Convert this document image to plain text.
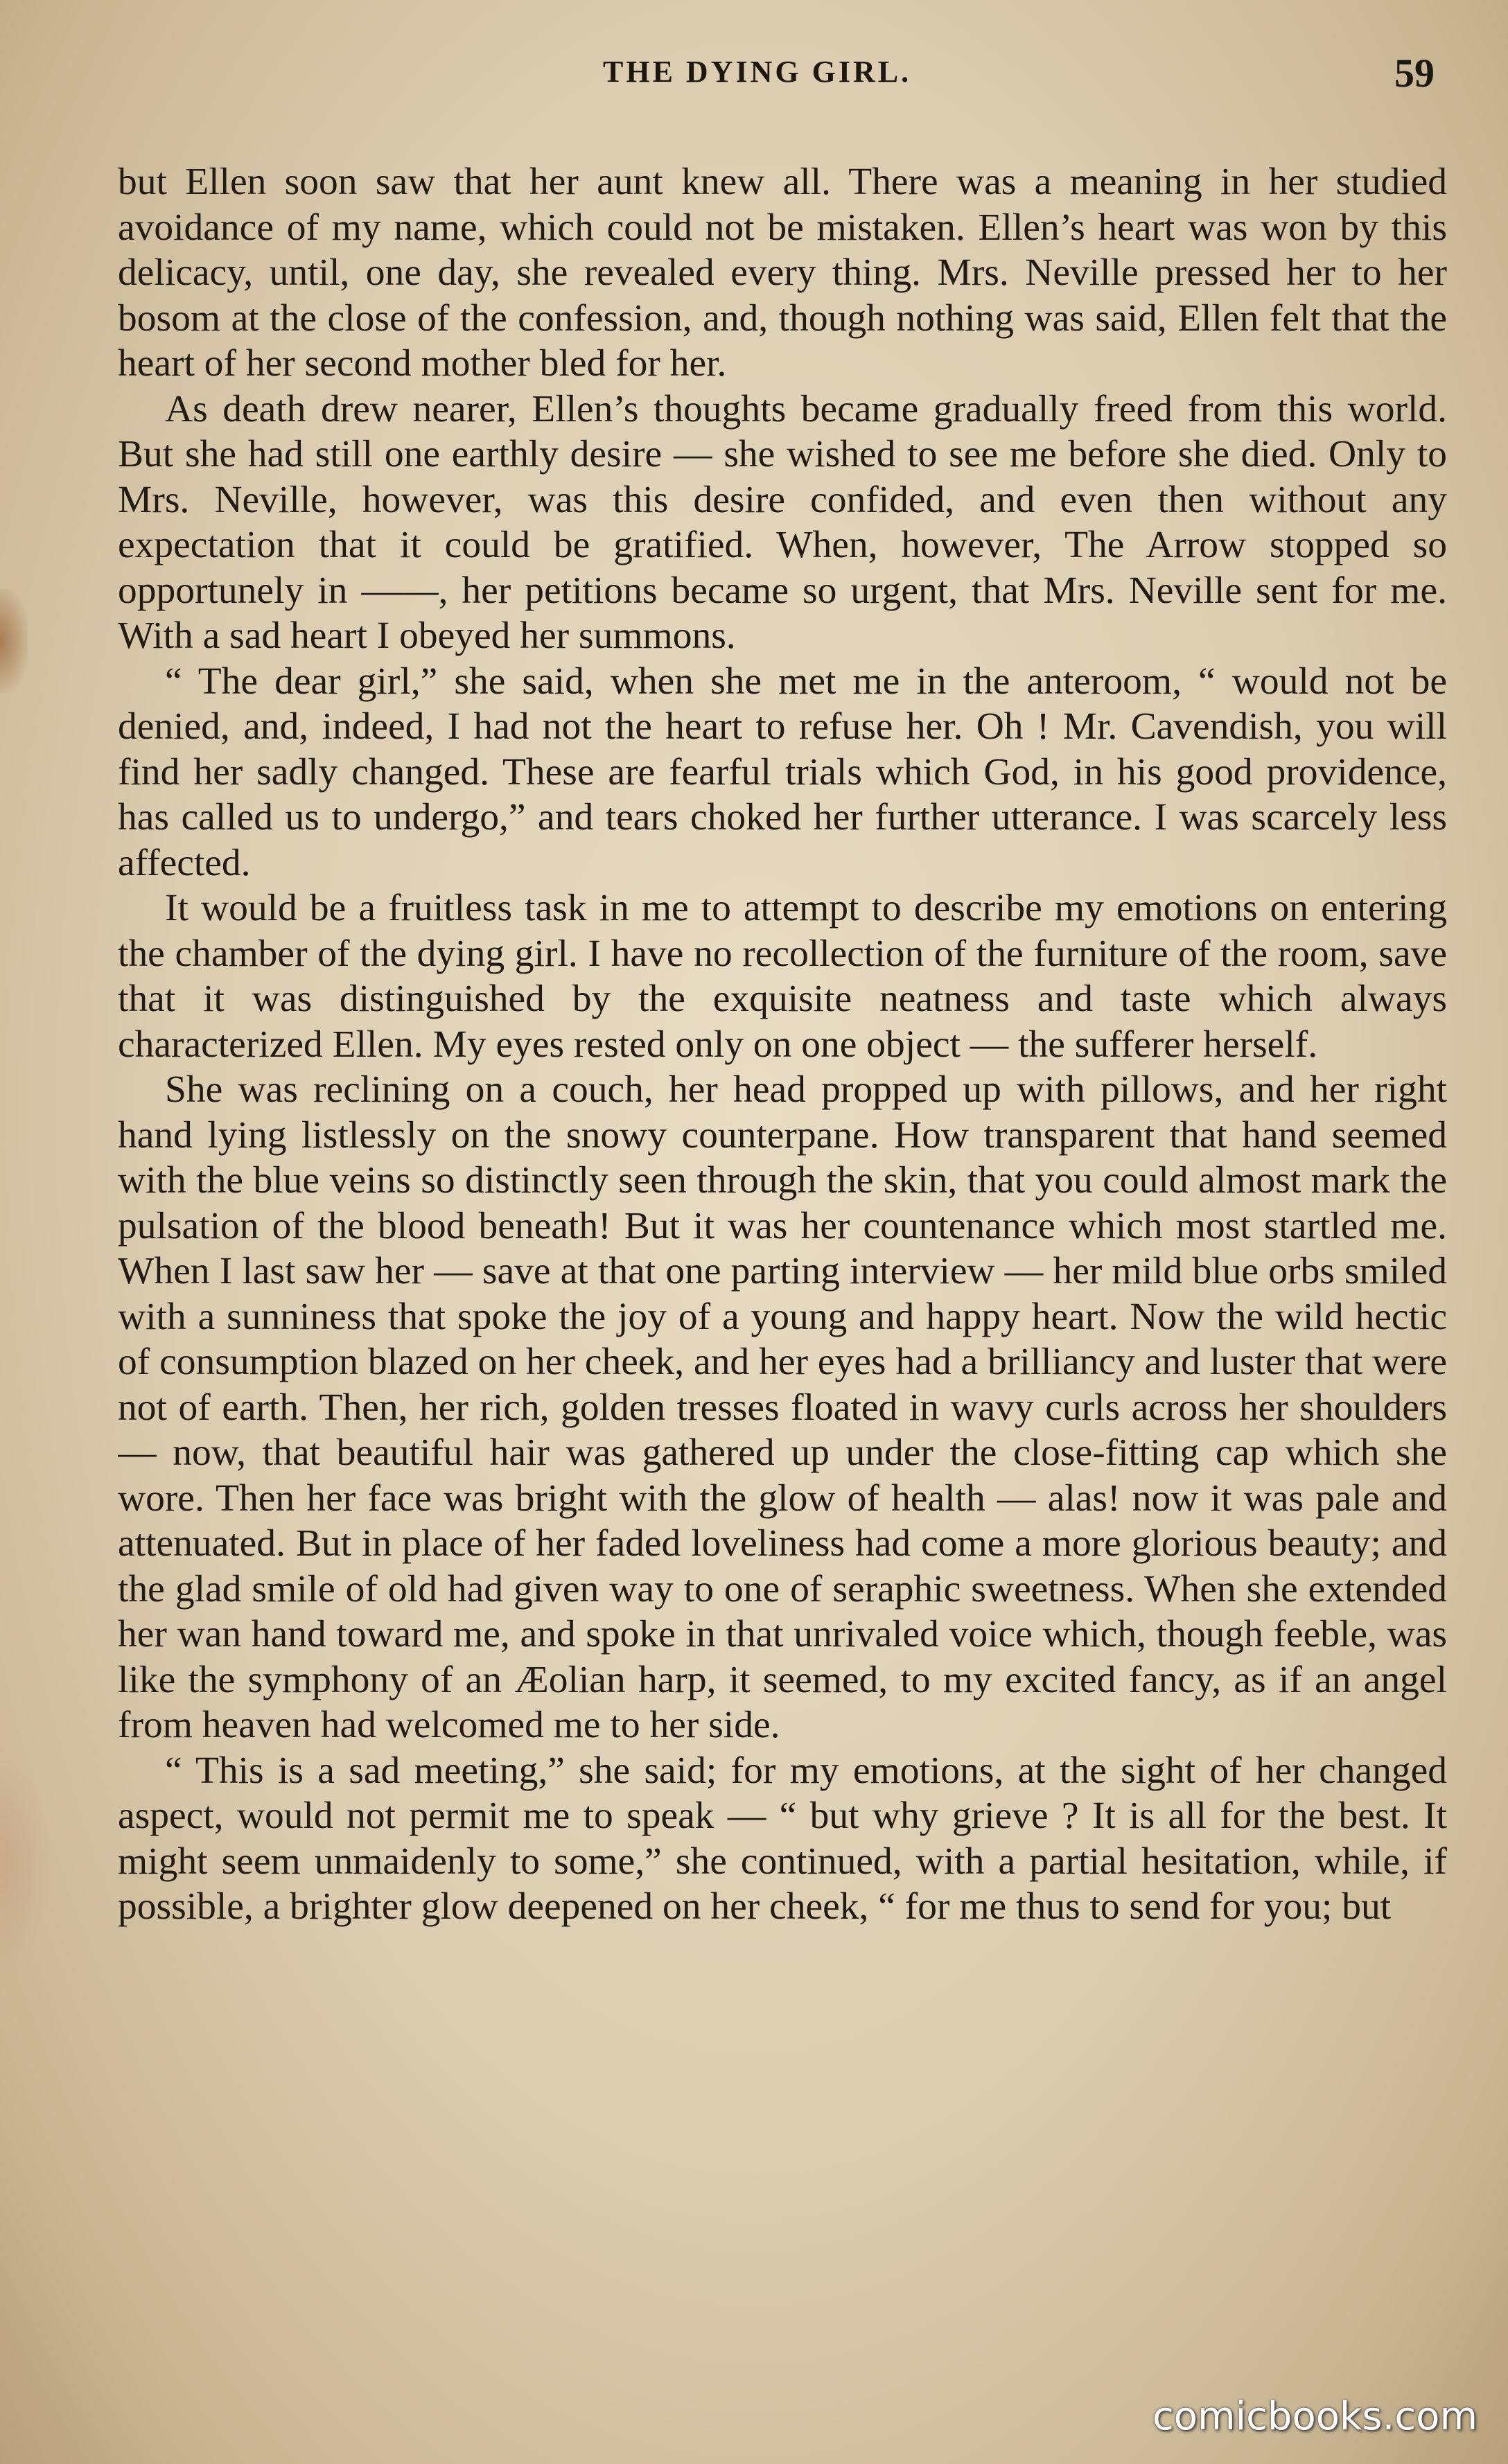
THE DYING GIRL.	59

but Ellen soon saw that her aunt knew all. There was a meaning in her studied avoidance of my name, which could not be mistaken. Ellen’s heart was won by this delicacy, until, one day, she revealed every thing. Mrs. Neville pressed her to her bosom at the close of the confession, and, though nothing was said, Ellen felt that the heart of her second mother bled for her.

As death drew nearer, Ellen’s thoughts became gradually freed from this world. But she had still one earthly desire — she wished to see me before she died. Only to Mrs. Neville, however, was this desire confided, and even then without any expectation that it could be gratified. When, however, The Arrow stopped so opportunely in ——, her petitions became so urgent, that Mrs. Neville sent for me. With a sad heart I obeyed her summons.

“ The dear girl,” she said, when she met me in the anteroom, “ would not be denied, and, indeed, I had not the heart to refuse her. Oh ! Mr. Cavendish, you will find her sadly changed. These are fearful trials which God, in his good providence, has called us to undergo,” and tears choked her further utterance. I was scarcely less affected.

It would be a fruitless task in me to attempt to describe my emotions on entering the chamber of the dying girl. I have no recollection of the furniture of the room, save that it was distinguished by the exquisite neatness and taste which always characterized Ellen. My eyes rested only on one object — the sufferer herself.

She was reclining on a couch, her head propped up with pillows, and her right hand lying listlessly on the snowy counterpane. How transparent that hand seemed with the blue veins so distinctly seen through the skin, that you could almost mark the pulsation of the blood beneath! But it was her countenance which most startled me. When I last saw her — save at that one parting interview — her mild blue orbs smiled with a sunniness that spoke the joy of a young and happy heart. Now the wild hectic of consumption blazed on her cheek, and her eyes had a brilliancy and luster that were not of earth. Then, her rich, golden tresses floated in wavy curls across her shoulders — now, that beautiful hair was gathered up under the close-fitting cap which she wore. Then her face was bright with the glow of health — alas! now it was pale and attenuated. But in place of her faded loveliness had come a more glorious beauty; and the glad smile of old had given way to one of seraphic sweetness. When she extended her wan hand toward me, and spoke in that unrivaled voice which, though feeble, was like the symphony of an Æolian harp, it seemed, to my excited fancy, as if an angel from heaven had welcomed me to her side.

“ This is a sad meeting,” she said; for my emotions, at the sight of her changed aspect, would not permit me to speak — “ but why grieve ? It is all for the best. It might seem unmaidenly to some,” she continued, with a partial hesitation, while, if possible, a brighter glow deepened on her cheek, “ for me thus to send for you; but

comicbooks.com
